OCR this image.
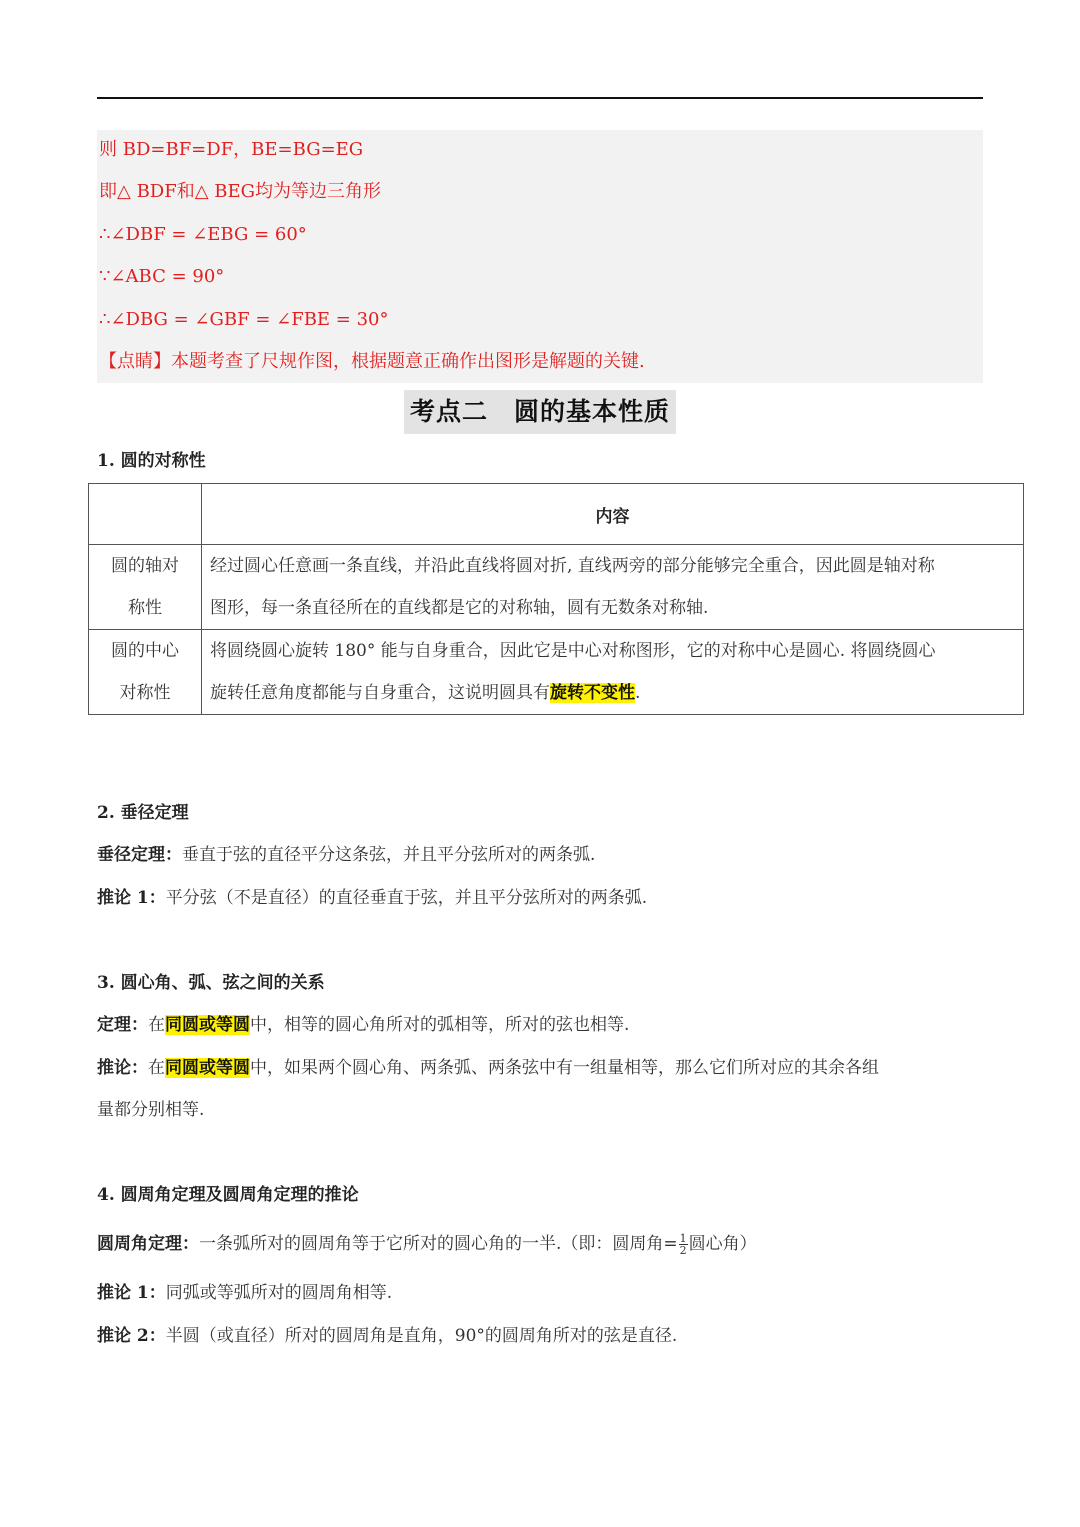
则 BD=BF=DF，BE=BG=EG
即△ BDF和△ BEG均为等边三角形
∴∠DBF = ∠EBG = 60°
∵∠ABC = 90°
∴∠DBG = ∠GBF = ∠FBE = 30°
【点睛】本题考查了尺规作图，根据题意正确作出图形是解题的关键.
考点二　圆的基本性质
1. 圆的对称性
	内容

圆的轴对
称性	经过圆心任意画一条直线，并沿此直线将圆对折, 直线两旁的部分能够完全重合，因此圆是轴对称
图形，每一条直径所在的直线都是它的对称轴，圆有无数条对称轴.

圆的中心
对称性	将圆绕圆心旋转 180° 能与自身重合，因此它是中心对称图形，它的对称中心是圆心. 将圆绕圆心
旋转任意角度都能与自身重合，这说明圆具有旋转不变性.
2. 垂径定理
垂径定理：垂直于弦的直径平分这条弦，并且平分弦所对的两条弧.
推论 1：平分弦（不是直径）的直径垂直于弦，并且平分弦所对的两条弧.
3. 圆心角、弧、弦之间的关系
定理：在同圆或等圆中，相等的圆心角所对的弧相等，所对的弦也相等.
推论：在同圆或等圆中，如果两个圆心角、两条弧、两条弦中有一组量相等，那么它们所对应的其余各组
量都分别相等.
4. 圆周角定理及圆周角定理的推论
圆周角定理：一条弧所对的圆周角等于它所对的圆心角的一半.（即：圆周角= $\frac{1}{2}$ 圆心角）
推论 1：同弧或等弧所对的圆周角相等.
推论 2：半圆（或直径）所对的圆周角是直角，90°的圆周角所对的弦是直径.
